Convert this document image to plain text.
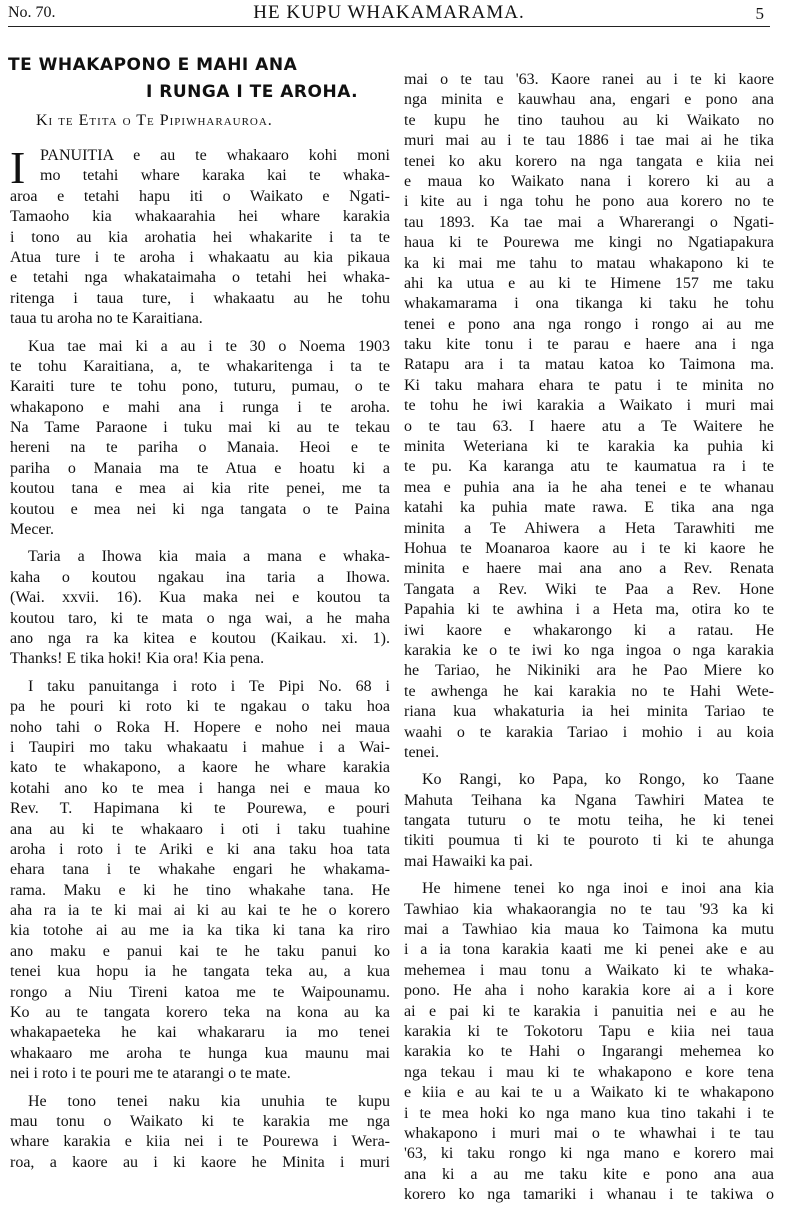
No. 70.	HE KUPU WHAKAMARAMA.	5
TE WHAKAPONO E MAHI ANA
I RUNGA I TE AROHA.
Ki te Etita o Te Pipiwharauroa.
I PANUITIA e au te whakaaro kohi moni
mo tetahi whare karaka kai te whaka-
aroa e tetahi hapu iti o Waikato e Ngati-
Tamaoho kia whakaarahia hei whare karakia
i tono au kia arohatia hei whakarite i ta te
Atua ture i te aroha i whakaatu au kia pikaua
e tetahi nga whakataimaha o tetahi hei whaka-
ritenga i taua ture, i whakaatu au he tohu
taua tu aroha no te Karaitiana.
Kua tae mai ki a au i te 30 o Noema 1903
te tohu Karaitiana, a, te whakaritenga i ta te
Karaiti ture te tohu pono, tuturu, pumau, o te
whakapono e mahi ana i runga i te aroha.
Na Tame Paraone i tuku mai ki au te tekau
hereni na te pariha o Manaia. Heoi e te
pariha o Manaia ma te Atua e hoatu ki a
koutou tana e mea ai kia rite penei, me ta
koutou e mea nei ki nga tangata o te Paina
Mecer.
Taria a Ihowa kia maia a mana e whaka-
kaha o koutou ngakau ina taria a Ihowa.
(Wai. xxvii. 16). Kua maka nei e koutou ta
koutou taro, ki te mata o nga wai, a he maha
ano nga ra ka kitea e koutou (Kaikau. xi. 1).
Thanks! E tika hoki! Kia ora! Kia pena.
I taku panuitanga i roto i Te Pipi No. 68 i
pa he pouri ki roto ki te ngakau o taku hoa
noho tahi o Roka H. Hopere e noho nei maua
i Taupiri mo taku whakaatu i mahue i a Wai-
kato te whakapono, a kaore he whare karakia
kotahi ano ko te mea i hanga nei e maua ko
Rev. T. Hapimana ki te Pourewa, e pouri
ana au ki te whakaaro i oti i taku tuahine
aroha i roto i te Ariki e ki ana taku hoa tata
ehara tana i te whakahe engari he whakama-
rama. Maku e ki he tino whakahe tana. He
aha ra ia te ki mai ai ki au kai te he o korero
kia totohe ai au me ia ka tika ki tana ka riro
ano maku e panui kai te he taku panui ko
tenei kua hopu ia he tangata teka au, a kua
rongo a Niu Tireni katoa me te Waipounamu.
Ko au te tangata korero teka na kona au ka
whakapaeteka he kai whakararu ia mo tenei
whakaaro me aroha te hunga kua maunu mai
nei i roto i te pouri me te atarangi o te mate.
He tono tenei naku kia unuhia te kupu
mau tonu o Waikato ki te karakia me nga
whare karakia e kiia nei i te Pourewa i Wera-
roa, a kaore au i ki kaore he Minita i muri
mai o te tau '63. Kaore ranei au i te ki kaore
nga minita e kauwhau ana, engari e pono ana
te kupu he tino tauhou au ki Waikato no
muri mai au i te tau 1886 i tae mai ai he tika
tenei ko aku korero na nga tangata e kiia nei
e maua ko Waikato nana i korero ki au a
i kite au i nga tohu he pono aua korero no te
tau 1893. Ka tae mai a Wharerangi o Ngati-
haua ki te Pourewa me kingi no Ngatiapakura
ka ki mai me tahu to matau whakapono ki te
ahi ka utua e au ki te Himene 157 me taku
whakamarama i ona tikanga ki taku he tohu
tenei e pono ana nga rongo i rongo ai au me
taku kite tonu i te parau e haere ana i nga
Ratapu ara i ta matau katoa ko Taimona ma.
Ki taku mahara ehara te patu i te minita no
te tohu he iwi karakia a Waikato i muri mai
o te tau 63. I haere atu a Te Waitere he
minita Weteriana ki te karakia ka puhia ki
te pu. Ka karanga atu te kaumatua ra i te
mea e puhia ana ia he aha tenei e te whanau
katahi ka puhia mate rawa. E tika ana nga
minita a Te Ahiwera a Heta Tarawhiti me
Hohua te Moanaroa kaore au i te ki kaore he
minita e haere mai ana ano a Rev. Renata
Tangata a Rev. Wiki te Paa a Rev. Hone
Papahia ki te awhina i a Heta ma, otira ko te
iwi kaore e whakarongo ki a ratau. He
karakia ke o te iwi ko nga ingoa o nga karakia
he Tariao, he Nikiniki ara he Pao Miere ko
te awhenga he kai karakia no te Hahi Wete-
riana kua whakaturia ia hei minita Tariao te
waahi o te karakia Tariao i mohio i au koia
tenei.
Ko Rangi, ko Papa, ko Rongo, ko Taane
Mahuta Teihana ka Ngana Tawhiri Matea te
tangata tuturu o te motu teiha, he ki tenei
tikiti poumua ti ki te pouroto ti ki te ahunga
mai Hawaiki ka pai.
He himene tenei ko nga inoi e inoi ana kia
Tawhiao kia whakaorangia no te tau '93 ka ki
mai a Tawhiao kia maua ko Taimona ka mutu
i a ia tona karakia kaati me ki penei ake e au
mehemea i mau tonu a Waikato ki te whaka-
pono. He aha i noho karakia kore ai a i kore
ai e pai ki te karakia i panuitia nei e au he
karakia ki te Tokotoru Tapu e kiia nei taua
karakia ko te Hahi o Ingarangi mehemea ko
nga tekau i mau ki te whakapono e kore tena
e kiia e au kai te u a Waikato ki te whakapono
i te mea hoki ko nga mano kua tino takahi i te
whakapono i muri mai o te whawhai i te tau
'63, ki taku rongo ki nga mano e korero mai
ana ki a au me taku kite e pono ana aua
korero ko nga tamariki i whanau i te takiwa o
